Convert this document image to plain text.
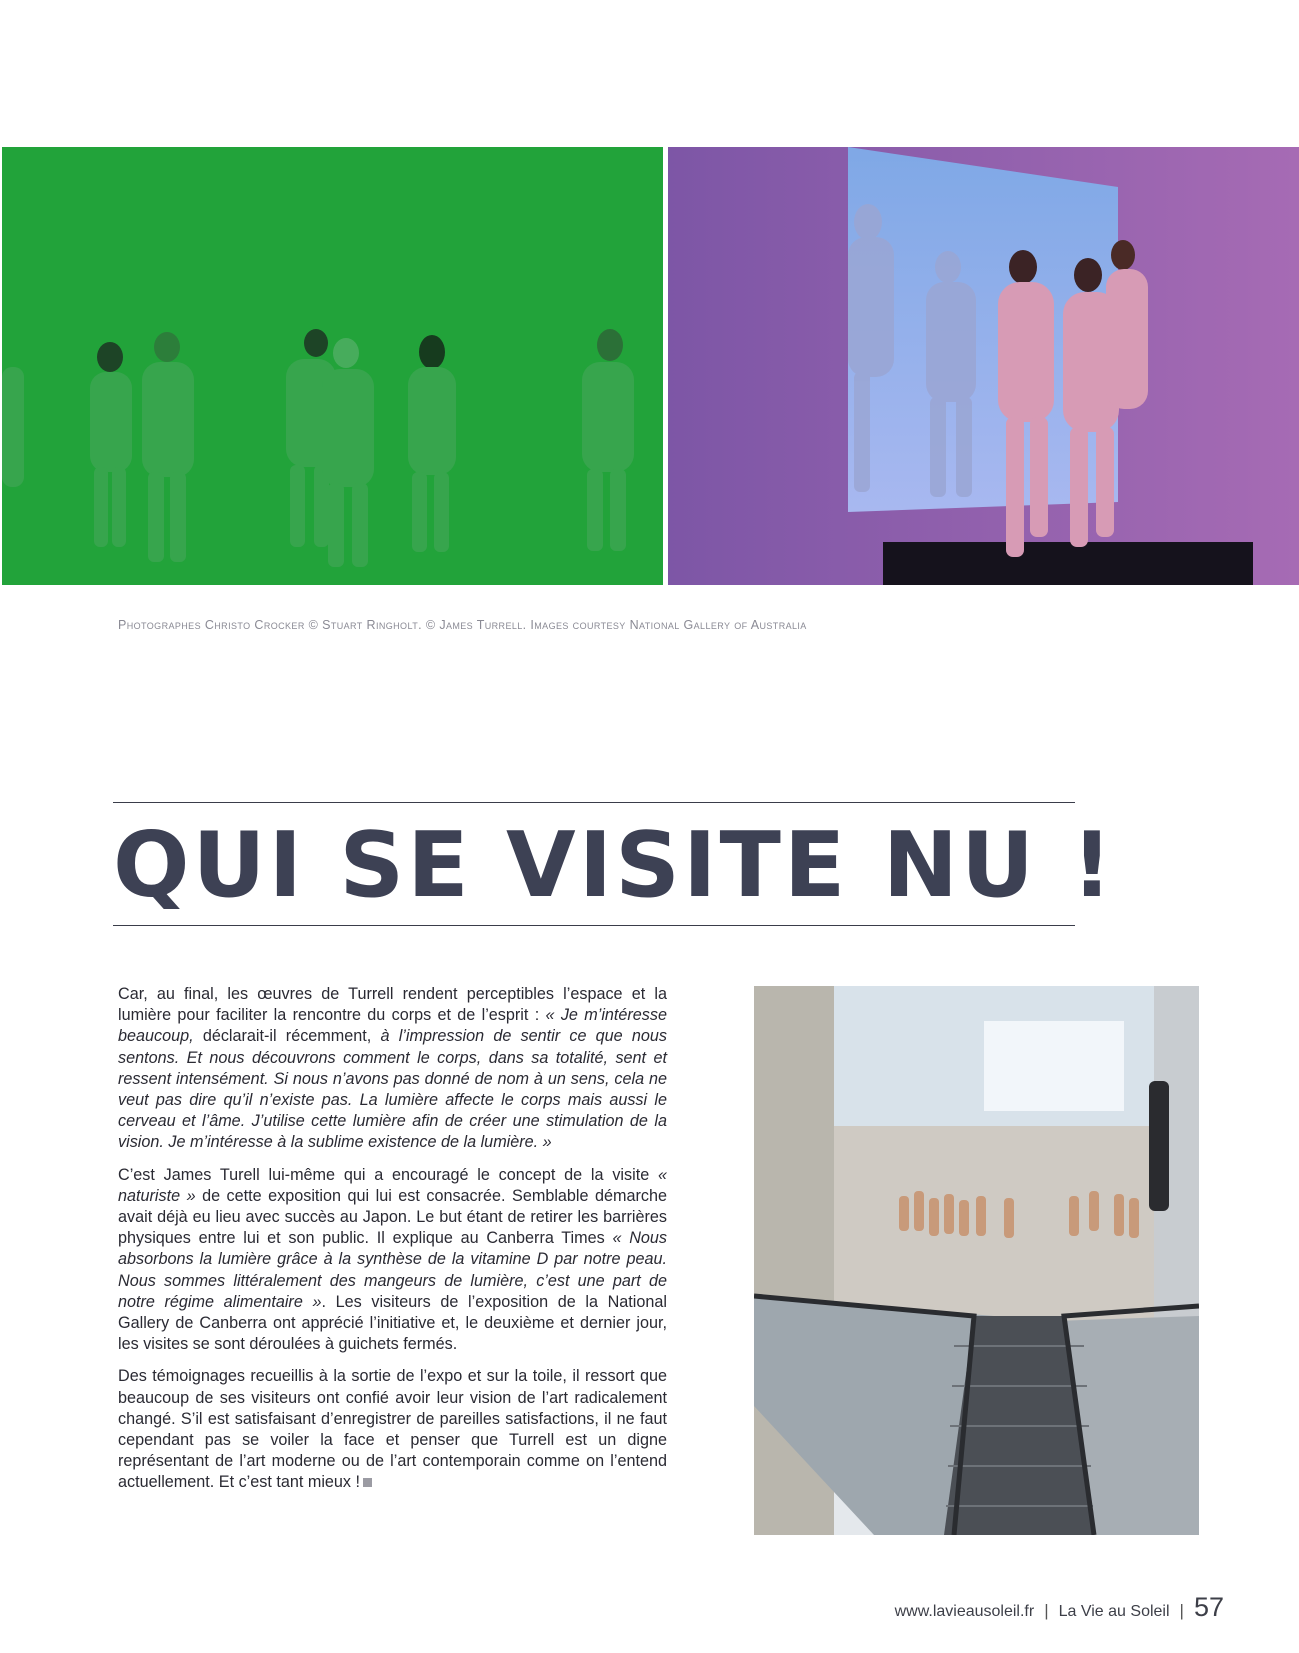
Photographes Christo Crocker © Stuart Ringholt. © James Turrell. Images courtesy National Gallery of Australia
QUI SE VISITE NU !

Car, au final, les œuvres de Turrell rendent perceptibles l’espace et la lumière pour faciliter la rencontre du corps et de l’esprit : « Je m’intéresse beaucoup, déclarait-il récemment, à l’impression de sentir ce que nous sentons. Et nous découvrons comment le corps, dans sa totalité, sent et ressent intensément. Si nous n’avons pas donné de nom à un sens, cela ne veut pas dire qu’il n’existe pas. La lumière affecte le corps mais aussi le cerveau et l’âme. J’utilise cette lumière afin de créer une stimulation de la vision. Je m’intéresse à la sublime existence de la lumière. »

C’est James Turell lui-même qui a encouragé le concept de la visite « naturiste » de cette exposition qui lui est consacrée. Semblable démarche avait déjà eu lieu avec succès au Japon. Le but étant de retirer les barrières physiques entre lui et son public. Il explique au Canberra Times « Nous absorbons la lumière grâce à la synthèse de la vitamine D par notre peau. Nous sommes littéralement des mangeurs de lumière, c’est une part de notre régime alimentaire ». Les visiteurs de l’exposition de la National Gallery de Canberra ont apprécié l’initiative et, le deuxième et dernier jour, les visites se sont déroulées à guichets fermés.

Des témoignages recueillis à la sortie de l’expo et sur la toile, il ressort que beaucoup de ses visiteurs ont confié avoir leur vision de l’art radicalement changé. S’il est satisfaisant d’enregistrer de pareilles satisfactions, il ne faut cependant pas se voiler la face et penser que Turrell est un digne représentant de l’art moderne ou de l’art contemporain comme on l’entend actuellement. Et c’est tant mieux !

www.lavieausoleil.fr | La Vie au Soleil | 57
